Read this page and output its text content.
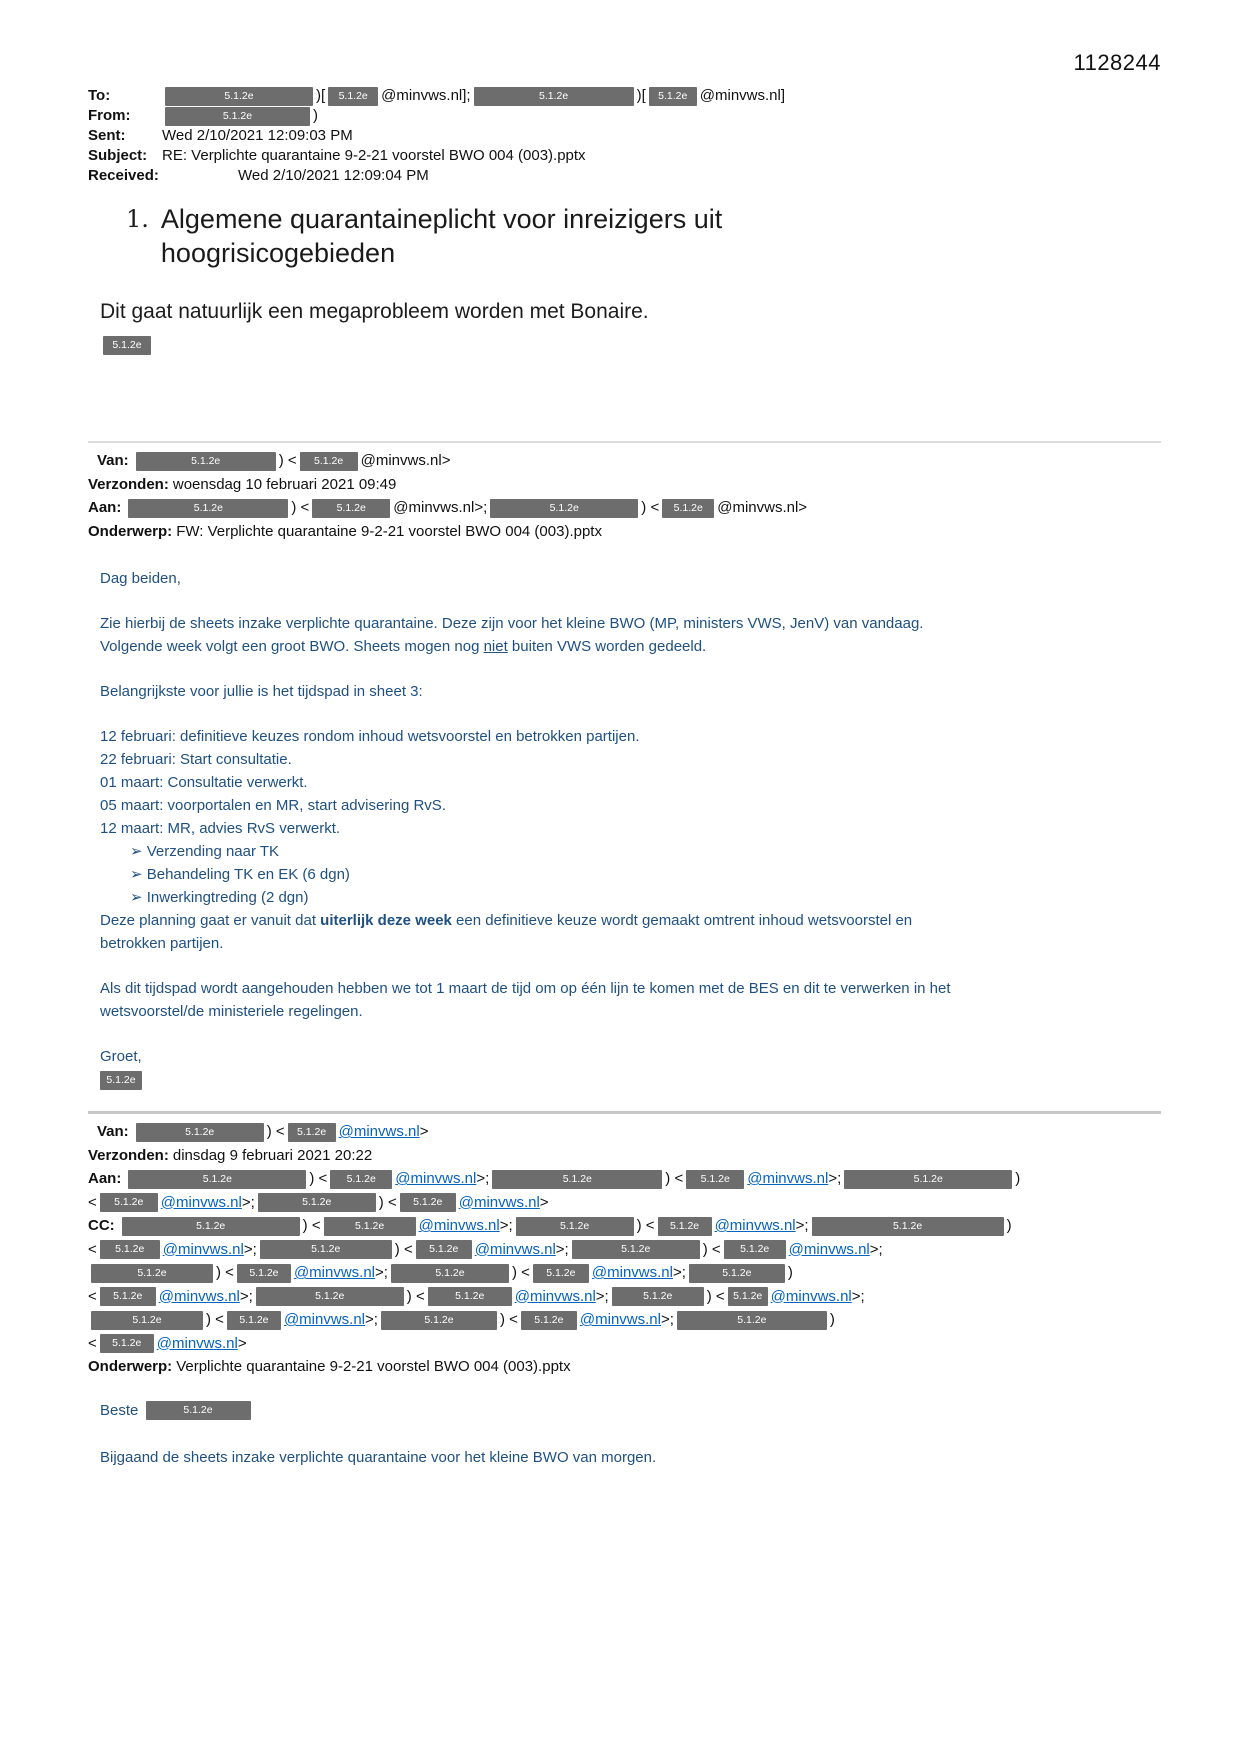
1128244
To:	5.1.2e	)[ 5.1.2e @minvws.nl];	5.1.2e	)[ 5.1.2e @minvws.nl]
From:	5.1.2e	)
Sent: Wed 2/10/2021 12:09:03 PM
Subject: RE: Verplichte quarantaine 9-2-21 voorstel BWO 004 (003).pptx
Received:	Wed 2/10/2021 12:09:04 PM
1. Algemene quarantaineplicht voor inreizigers uit
hoogrisicogebieden

Dit gaat natuurlijk een megaprobleem worden met Bonaire.

5.1.2e
Van:	5.1.2e	) < 5.1.2e @minvws.nl>
Verzonden: woensdag 10 februari 2021 09:49
Aan:	5.1.2e	) <	5.1.2e @minvws.nl>;	5.1.2e	) < 5.1.2e @minvws.nl>
Onderwerp: FW: Verplichte quarantaine 9-2-21 voorstel BWO 004 (003).pptx

Dag beiden,

Zie hierbij de sheets inzake verplichte quarantaine. Deze zijn voor het kleine BWO (MP, ministers VWS, JenV) van vandaag.
Volgende week volgt een groot BWO. Sheets mogen nog niet buiten VWS worden gedeeld.

Belangrijkste voor jullie is het tijdspad in sheet 3:

12 februari: definitieve keuzes rondom inhoud wetsvoorstel en betrokken partijen.
22 februari: Start consultatie.
01 maart: Consultatie verwerkt.
05 maart: voorportalen en MR, start advisering RvS.
12 maart: MR, advies RvS verwerkt.

➢ Verzending naar TK

➢ Behandeling TK en EK (6 dgn)

➢ Inwerkingtreding (2 dgn)

Deze planning gaat er vanuit dat uiterlijk deze week een definitieve keuze wordt gemaakt omtrent inhoud wetsvoorstel en
betrokken partijen.

Als dit tijdspad wordt aangehouden hebben we tot 1 maart de tijd om op één lijn te komen met de BES en dit te verwerken in het
wetsvoorstel/de ministeriele regelingen.

Groet,
5.1.2e

Van:	5.1.2e	) < 5.1.2e @minvws.nl>
Verzonden: dinsdag 9 februari 2021 20:22
Aan:	5.1.2e	) < 5.1.2e @minvws.nl>;	5.1.2e	) < 5.1.2e @minvws.nl>;	5.1.2e	)
< 5.1.2e @minvws.nl>;	5.1.2e	) < 5.1.2e @minvws.nl>
CC:	5.1.2e	) <	5.1.2e @minvws.nl>;	5.1.2e	) < 5.1.2e @minvws.nl>;	5.1.2e	)
< 5.1.2e @minvws.nl>;	5.1.2e	) < 5.1.2e @minvws.nl>;	5.1.2e	) < 5.1.2e @minvws.nl>;
5.1.2e	) < 5.1.2e @minvws.nl>;	5.1.2e	) < 5.1.2e @minvws.nl>;	5.1.2e )
< 5.1.2e @minvws.nl>;	5.1.2e	) <	5.1.2e @minvws.nl>;	5.1.2e ) < 5.1.2e @minvws.nl>;
5.1.2e	) < 5.1.2e @minvws.nl>;	5.1.2e	) < 5.1.2e @minvws.nl>;	5.1.2e	)
< 5.1.2e @minvws.nl>
Onderwerp: Verplichte quarantaine 9-2-21 voorstel BWO 004 (003).pptx
Beste	5.1.2e

Bijgaand de sheets inzake verplichte quarantaine voor het kleine BWO van morgen.
